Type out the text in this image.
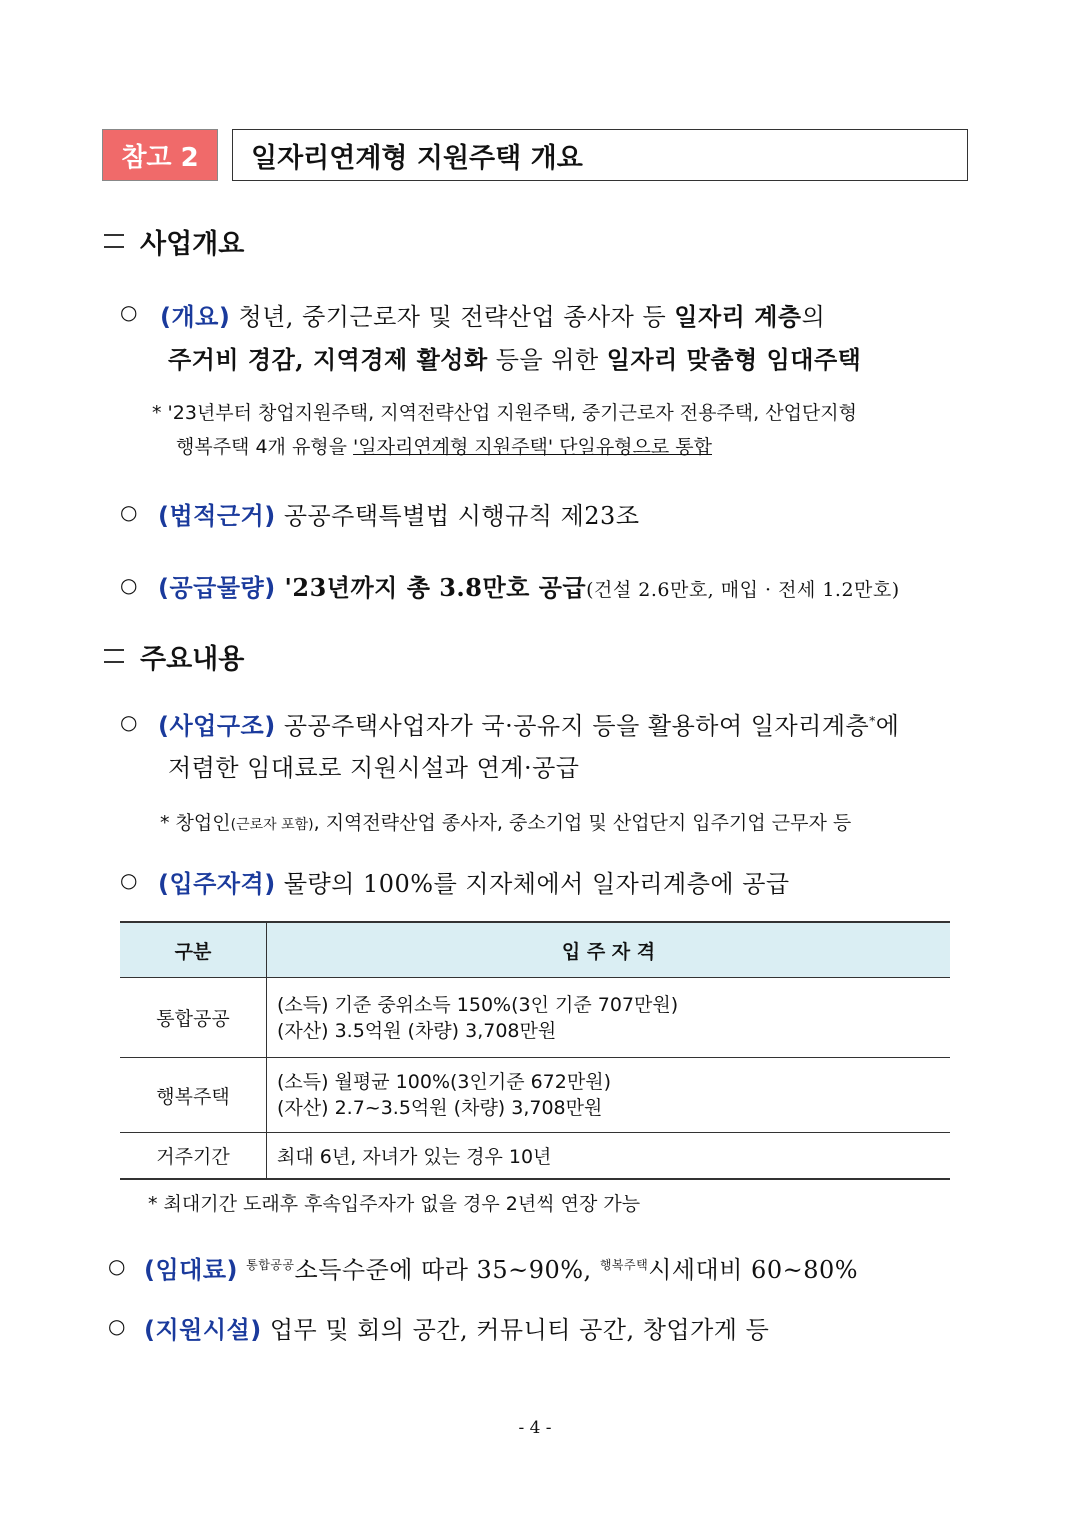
참고 2	일자리연계형 지원주택 개요
사업개요
○ (개요) 청년, 중기근로자 및 전략산업 종사자 등 일자리 계층의
주거비 경감, 지역경제 활성화 등을 위한 일자리 맞춤형 임대주택
* '23년부터 창업지원주택, 지역전략산업 지원주택, 중기근로자 전용주택, 산업단지형
행복주택 4개 유형을 '일자리연계형 지원주택' 단일유형으로 통합
○ (법적근거) 공공주택특별법 시행규칙 제23조
○ (공급물량) '23년까지 총 3.8만호 공급(건설 2.6만호, 매입 · 전세 1.2만호)
주요내용
○ (사업구조) 공공주택사업자가 국·공유지 등을 활용하여 일자리계층*에
저렴한 임대료로 지원시설과 연계·공급
* 창업인(근로자 포함), 지역전략산업 종사자, 중소기업 및 산업단지 입주기업 근무자 등
○ (입주자격) 물량의 100%를 지자체에서 일자리계층에 공급
구분	입 주 자 격
통합공공	(소득) 기준 중위소득 150%(3인 기준 707만원)
(자산) 3.5억원 (차량) 3,708만원

행복주택	(소득) 월평균 100%(3인기준 672만원)
(자산) 2.7~3.5억원 (차량) 3,708만원

거주기간	최대 6년, 자녀가 있는 경우 10년
* 최대기간 도래후 후속입주자가 없을 경우 2년씩 연장 가능
○ (임대료) $^{통합공공}$소득수준에 따라 35~90%, $^{행복주택}$시세대비 60~80%
○ (지원시설) 업무 및 회의 공간, 커뮤니티 공간, 창업가게 등
- 4 -
